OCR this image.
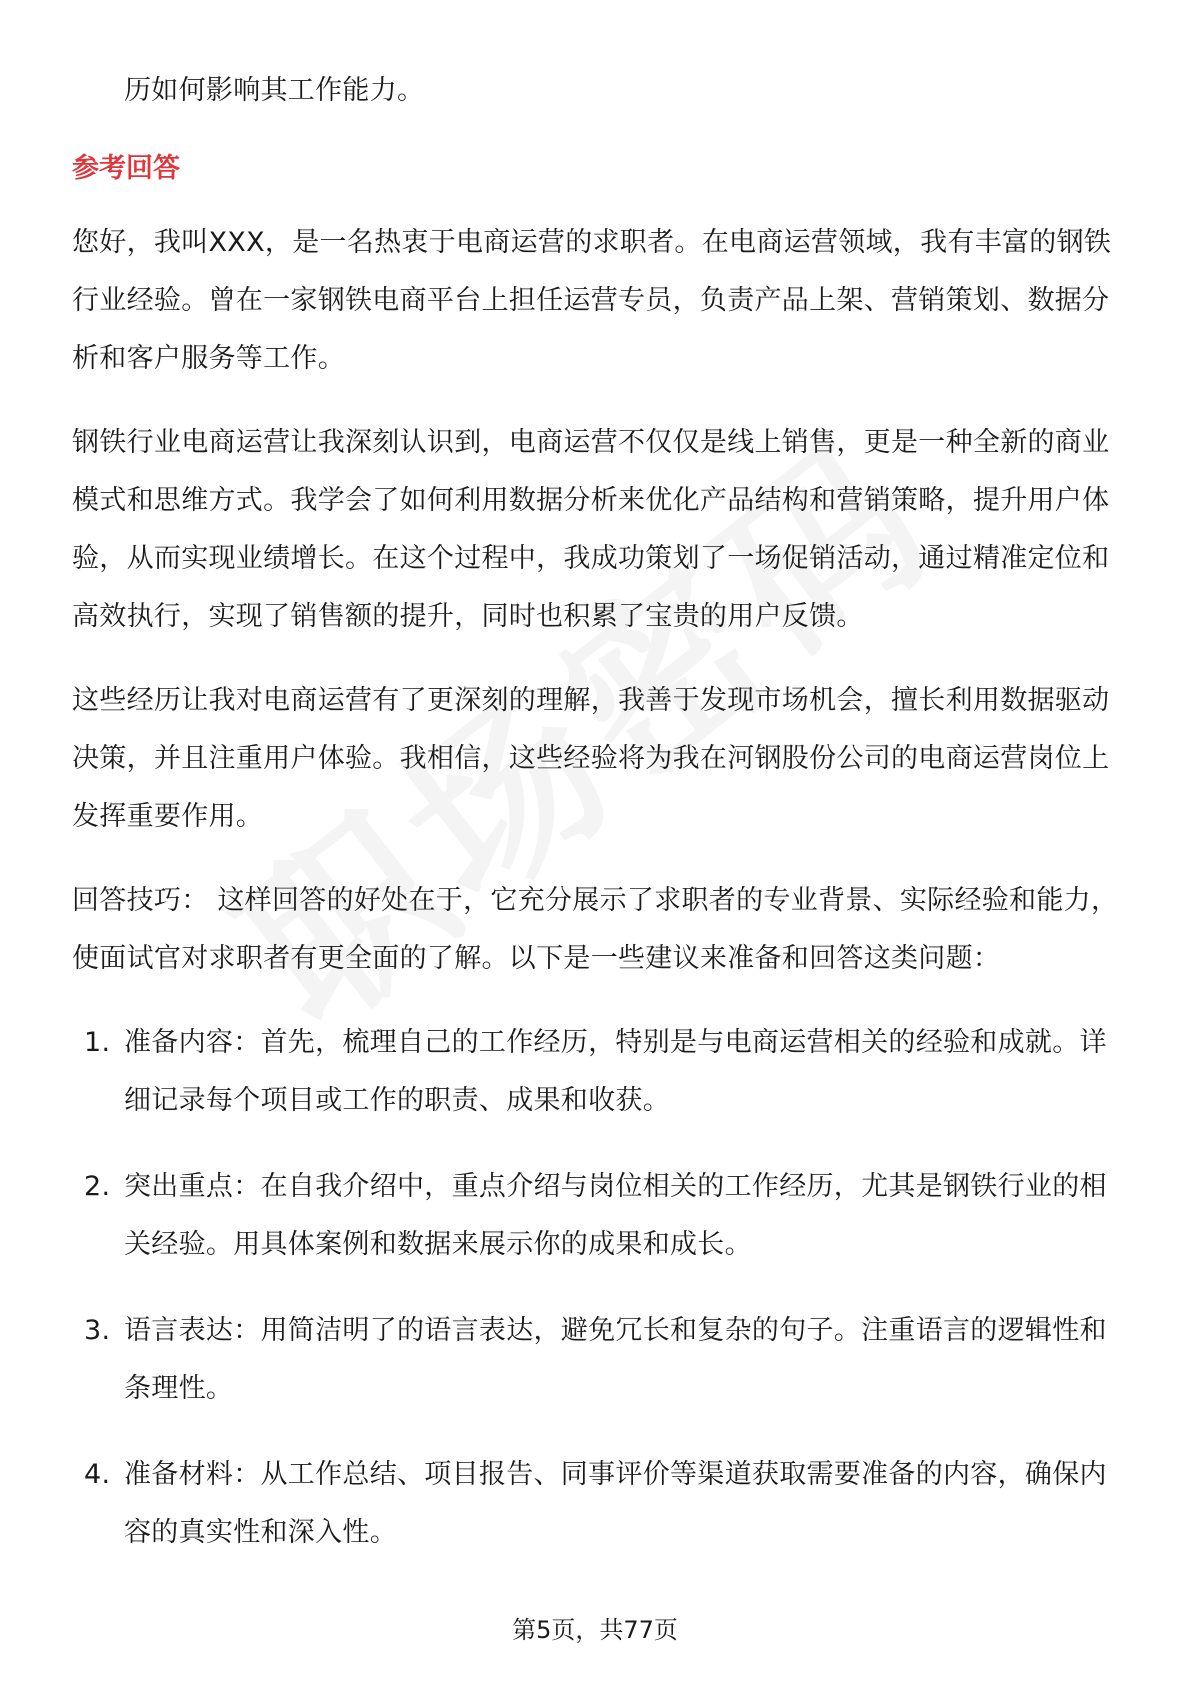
历如何影响其工作能力。

参考回答

您好，我叫XXX，是一名热衷于电商运营的求职者。在电商运营领域，我有丰富的钢铁行业经验。曾在一家钢铁电商平台上担任运营专员，负责产品上架、营销策划、数据分析和客户服务等工作。

钢铁行业电商运营让我深刻认识到，电商运营不仅仅是线上销售，更是一种全新的商业模式和思维方式。我学会了如何利用数据分析来优化产品结构和营销策略，提升用户体验，从而实现业绩增长。在这个过程中，我成功策划了一场促销活动，通过精准定位和高效执行，实现了销售额的提升，同时也积累了宝贵的用户反馈。

这些经历让我对电商运营有了更深刻的理解，我善于发现市场机会，擅长利用数据驱动决策，并且注重用户体验。我相信，这些经验将为我在河钢股份公司的电商运营岗位上发挥重要作用。

回答技巧： 这样回答的好处在于，它充分展示了求职者的专业背景、实际经验和能力，使面试官对求职者有更全面的了解。以下是一些建议来准备和回答这类问题：

1. 准备内容：首先，梳理自己的工作经历，特别是与电商运营相关的经验和成就。详细记录每个项目或工作的职责、成果和收获。
2. 突出重点：在自我介绍中，重点介绍与岗位相关的工作经历，尤其是钢铁行业的相关经验。用具体案例和数据来展示你的成果和成长。
3. 语言表达：用简洁明了的语言表达，避免冗长和复杂的句子。注重语言的逻辑性和条理性。
4. 准备材料：从工作总结、项目报告、同事评价等渠道获取需要准备的内容，确保内容的真实性和深入性。
第5页，共77页
